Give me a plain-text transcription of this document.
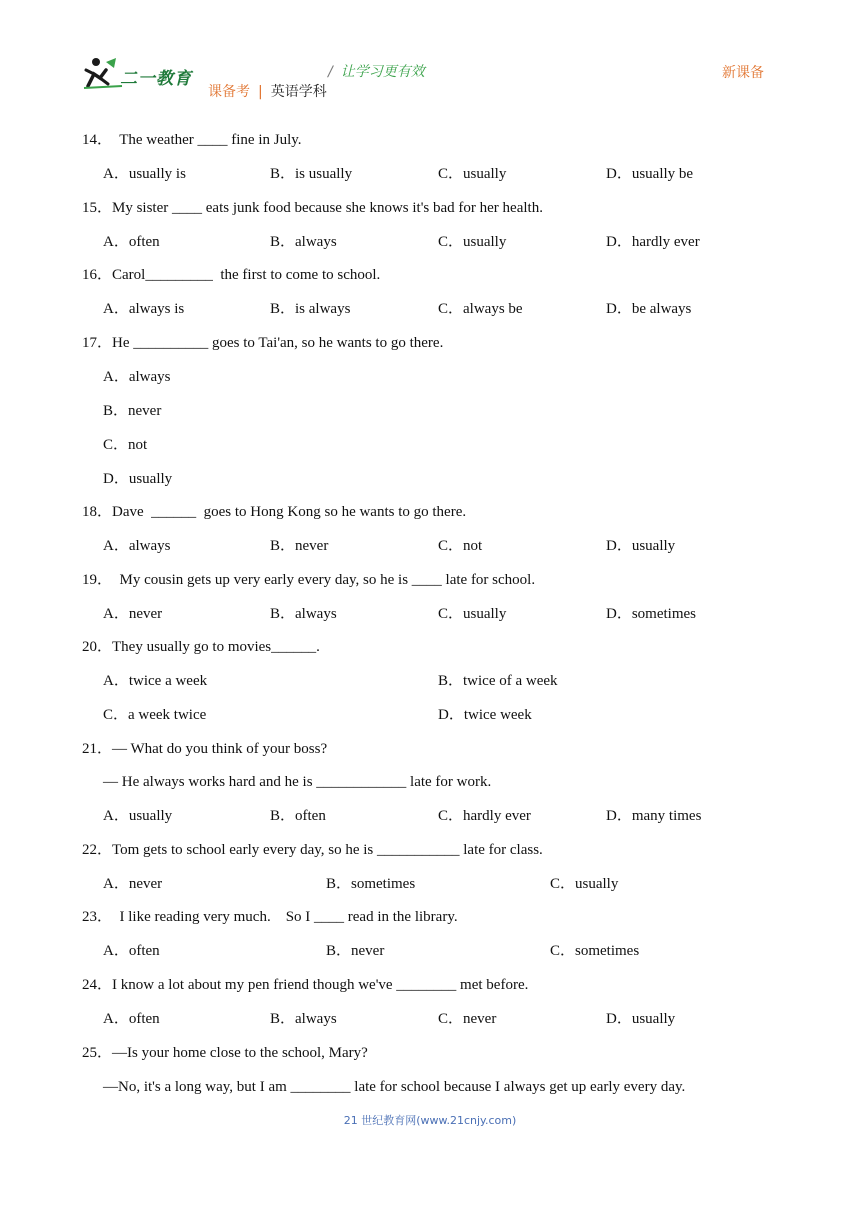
二一教育	/ 让学习更有效	新课备
课备考 | 英语学科
14．  The weather ____ fine in July.
A．usually is	B．is usually	C．usually	D．usually be
15．My sister ____ eats junk food because she knows it's bad for her health.
A．often	B．always	C．usually	D．hardly ever
16．Carol_________  the first to come to school.
A．always is	B．is always	C．always be	D．be always
17．He __________ goes to Tai'an, so he wants to go there.
A．always
B．never
C．not
D．usually
18．Dave  ______  goes to Hong Kong so he wants to go there.
A．always	B．never	C．not	D．usually
19．  My cousin gets up very early every day, so he is ____ late for school.
A．never	B．always	C．usually	D．sometimes
20．They usually go to movies______.
A．twice a week	B．twice of a week
C．a week twice	D．twice week
21．— What do you think of your boss?
— He always works hard and he is ____________ late for work.
A．usually	B．often	C．hardly ever	D．many times
22．Tom gets to school early every day, so he is ___________ late for class.
A．never	B．sometimes	C．usually
23．  I like reading very much.    So I ____ read in the library.
A．often	B．never	C．sometimes
24．I know a lot about my pen friend though we've ________ met before.
A．often	B．always	C．never	D．usually
25．—Is your home close to the school, Mary?
—No, it's a long way, but I am ________ late for school because I always get up early every day.
21 世纪教育网(www.21cnjy.com)
